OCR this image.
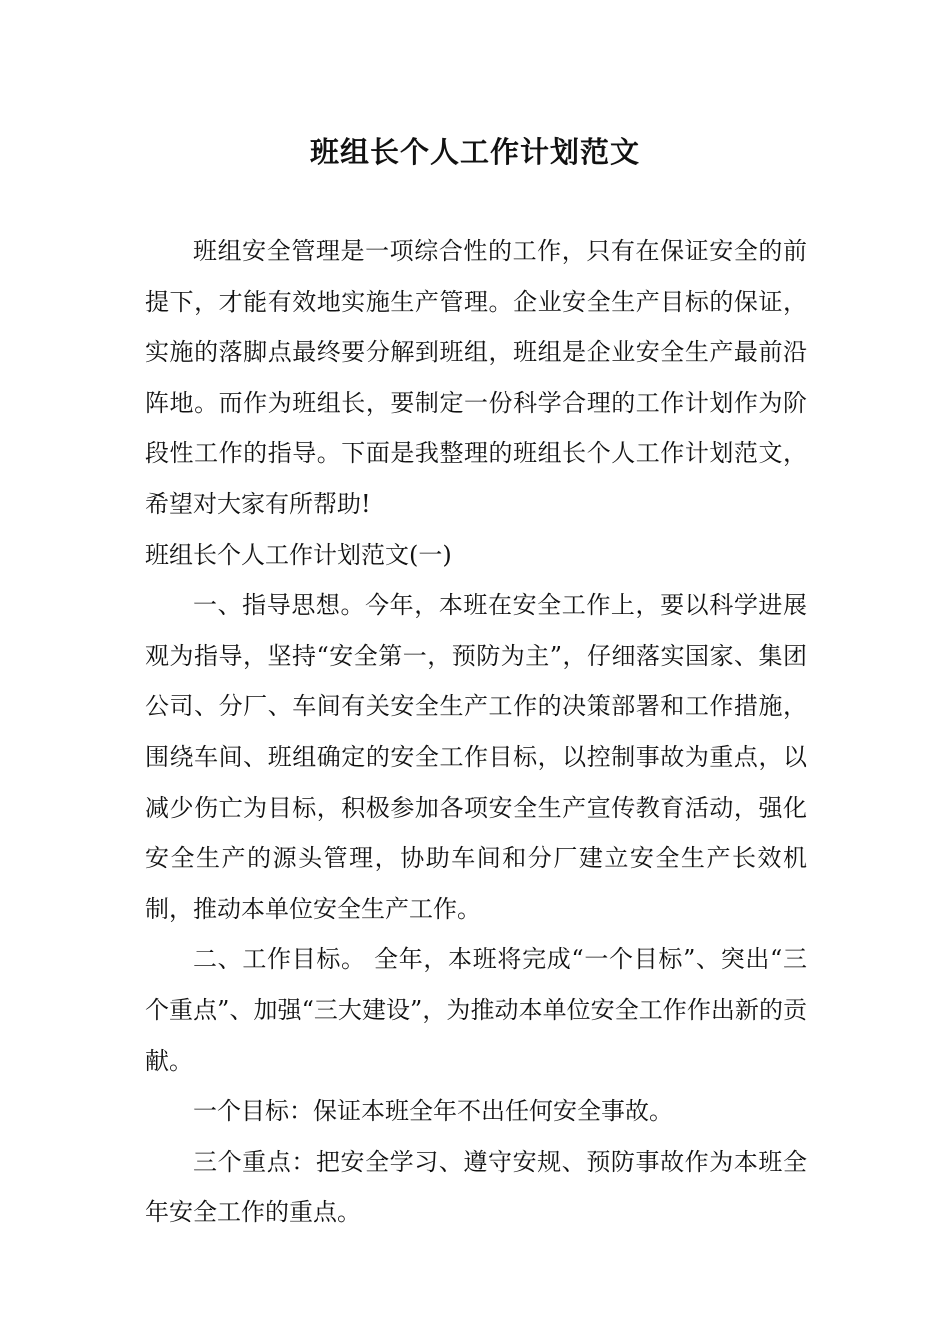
班组长个人工作计划范文

班组安全管理是一项综合性的工作，只有在保证安全的前提下，才能有效地实施生产管理。企业安全生产目标的保证，实施的落脚点最终要分解到班组，班组是企业安全生产最前沿阵地。而作为班组长，要制定一份科学合理的工作计划作为阶段性工作的指导。下面是我整理的班组长个人工作计划范文，希望对大家有所帮助!

班组长个人工作计划范文(一)

一、指导思想。今年，本班在安全工作上，要以科学进展观为指导，坚持“安全第一，预防为主”，仔细落实国家、集团公司、分厂、车间有关安全生产工作的决策部署和工作措施，围绕车间、班组确定的安全工作目标，以控制事故为重点，以减少伤亡为目标，积极参加各项安全生产宣传教育活动，强化安全生产的源头管理，协助车间和分厂建立安全生产长效机制，推动本单位安全生产工作。

二、工作目标。 全年，本班将完成“一个目标”、突出“三个重点”、加强“三大建设”，为推动本单位安全工作作出新的贡献。

一个目标：保证本班全年不出任何安全事故。

三个重点：把安全学习、遵守安规、预防事故作为本班全年安全工作的重点。
